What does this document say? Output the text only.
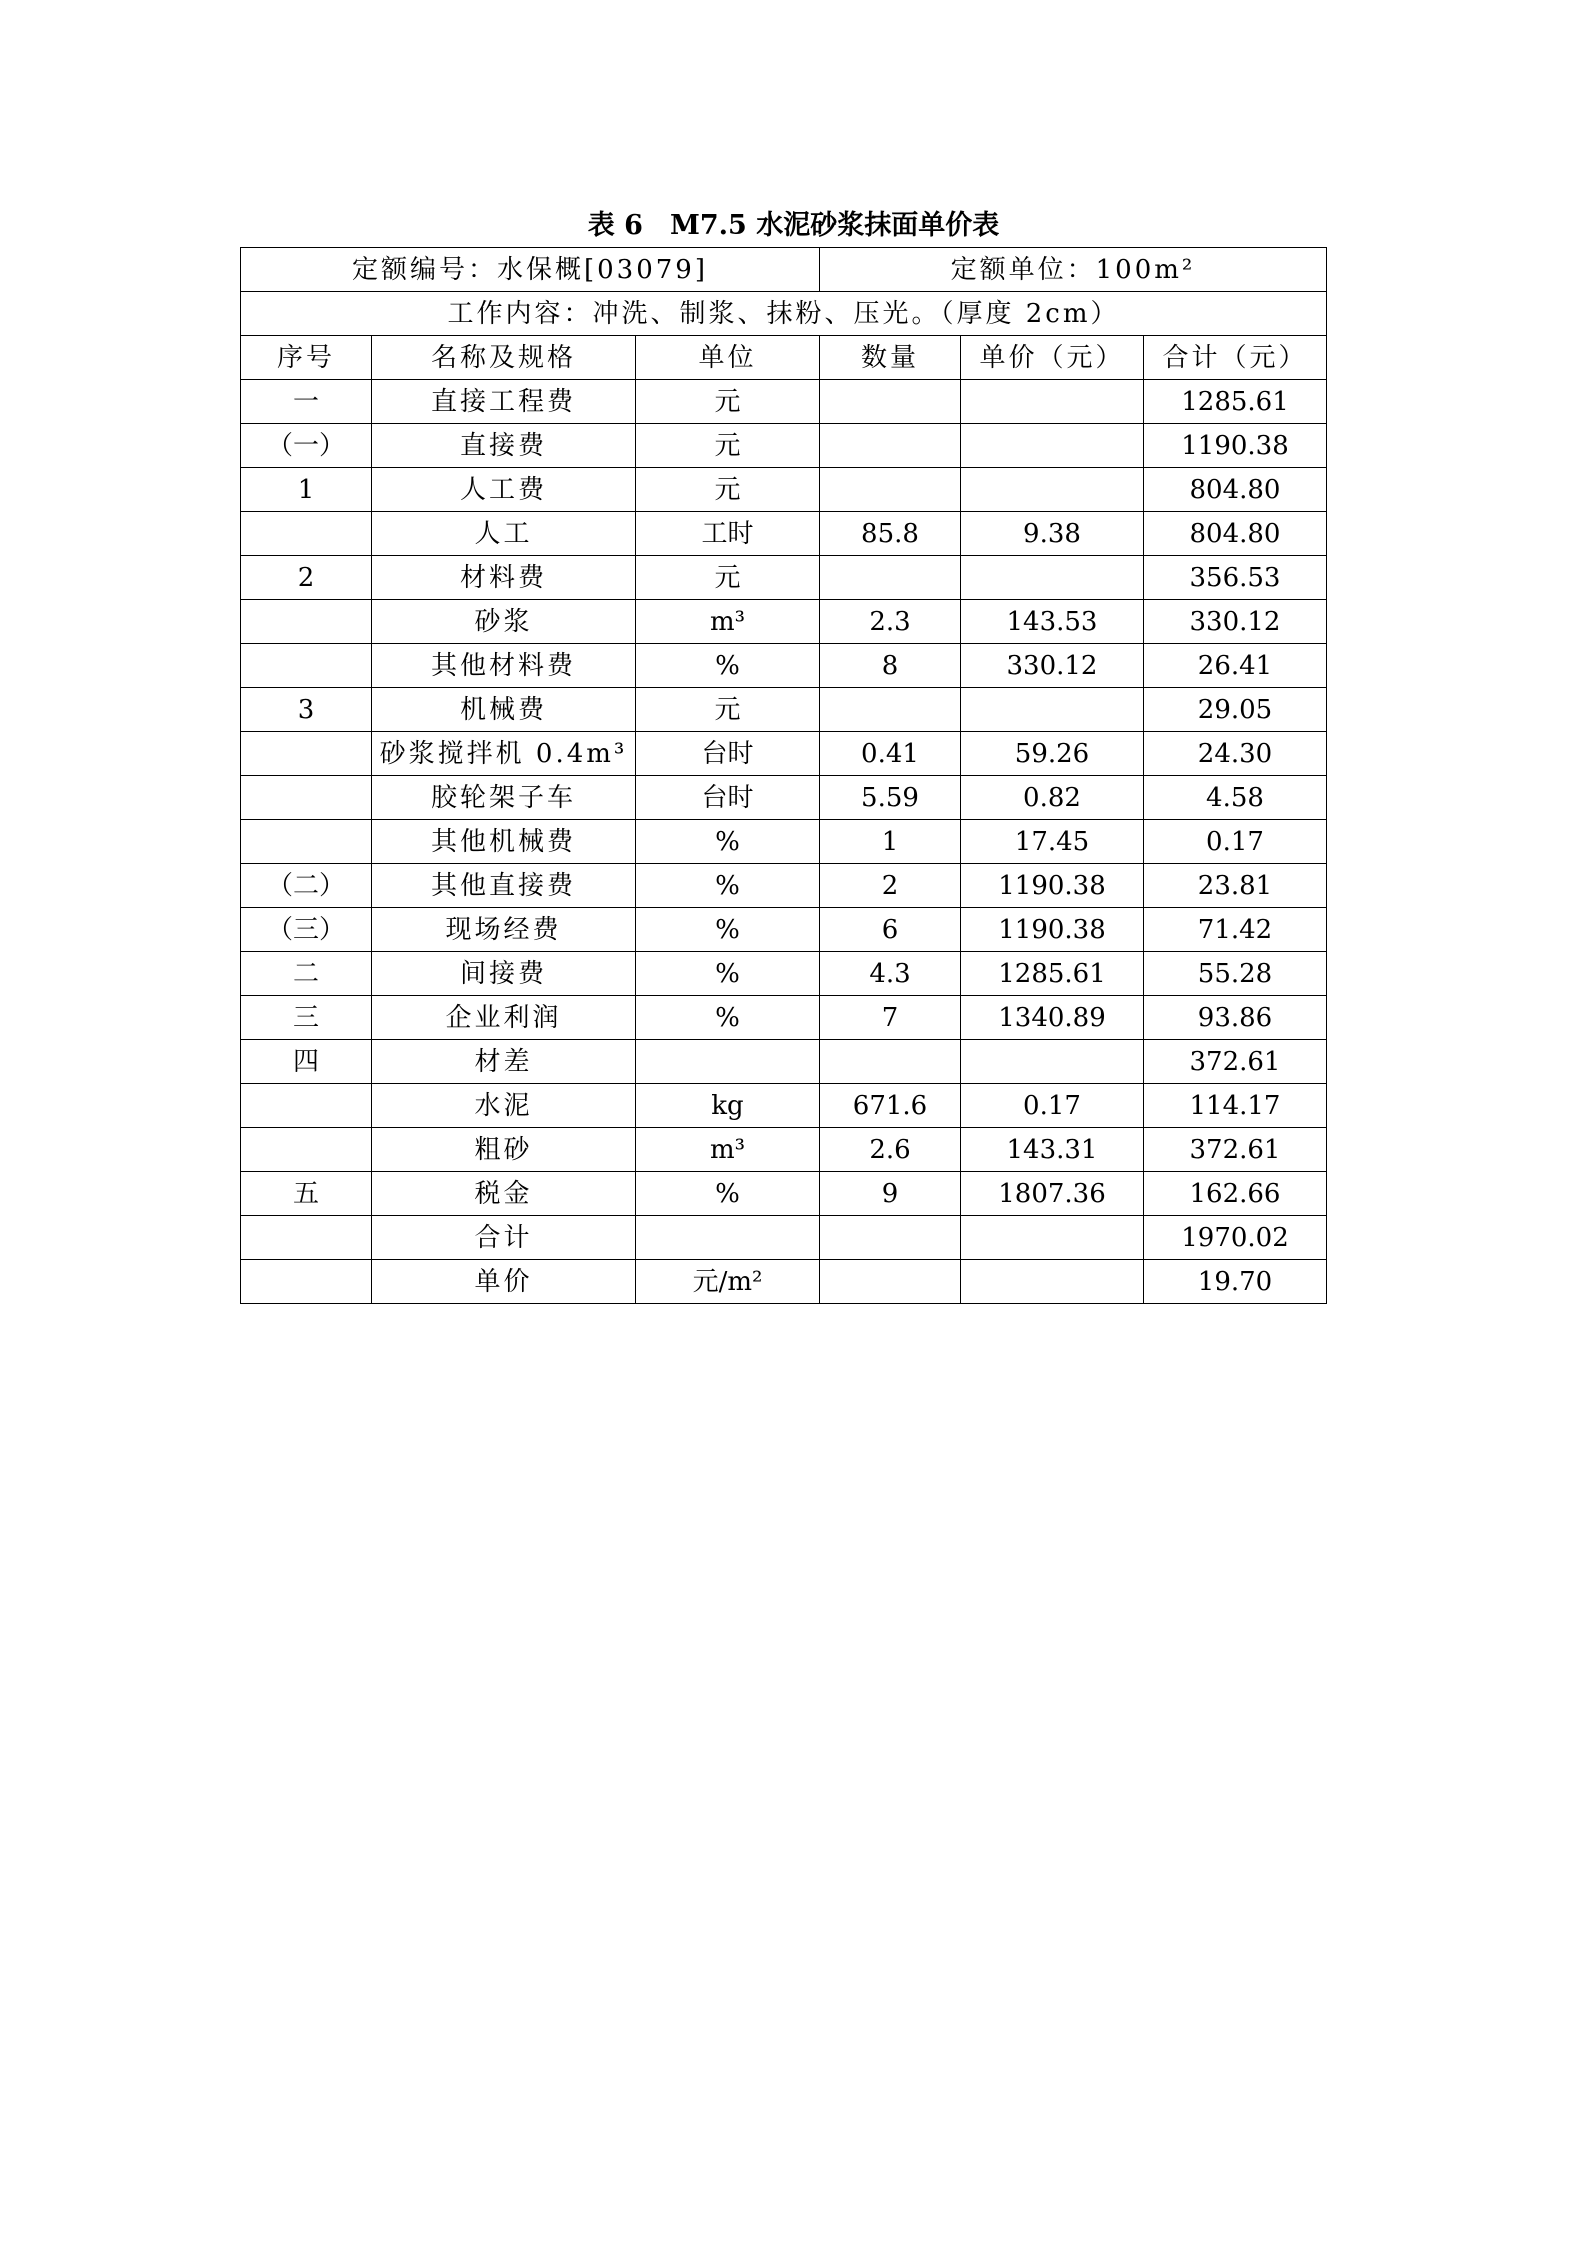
表 6　M7.5 水泥砂浆抹面单价表
定额编号：水保概[03079]			定额单位：100m²		
工作内容：冲洗、制浆、抹粉、压光。（厚度 2cm）					
序号	名称及规格	单位	数量	单价（元）	合计（元）
一	直接工程费	元			1285.61
（一）	直接费	元			1190.38
1	人工费	元			804.80
	人工	工时	85.8	9.38	804.80
2	材料费	元			356.53
	砂浆	m³	2.3	143.53	330.12
	其他材料费	%	8	330.12	26.41
3	机械费	元			29.05
	砂浆搅拌机 0.4m³	台时	0.41	59.26	24.30
	胶轮架子车	台时	5.59	0.82	4.58
	其他机械费	%	1	17.45	0.17
（二）	其他直接费	%	2	1190.38	23.81
（三）	现场经费	%	6	1190.38	71.42
二	间接费	%	4.3	1285.61	55.28
三	企业利润	%	7	1340.89	93.86
四	材差				372.61
	水泥	kg	671.6	0.17	114.17
	粗砂	m³	2.6	143.31	372.61
五	税金	%	9	1807.36	162.66
	合计				1970.02
	单价	元/m²			19.70
